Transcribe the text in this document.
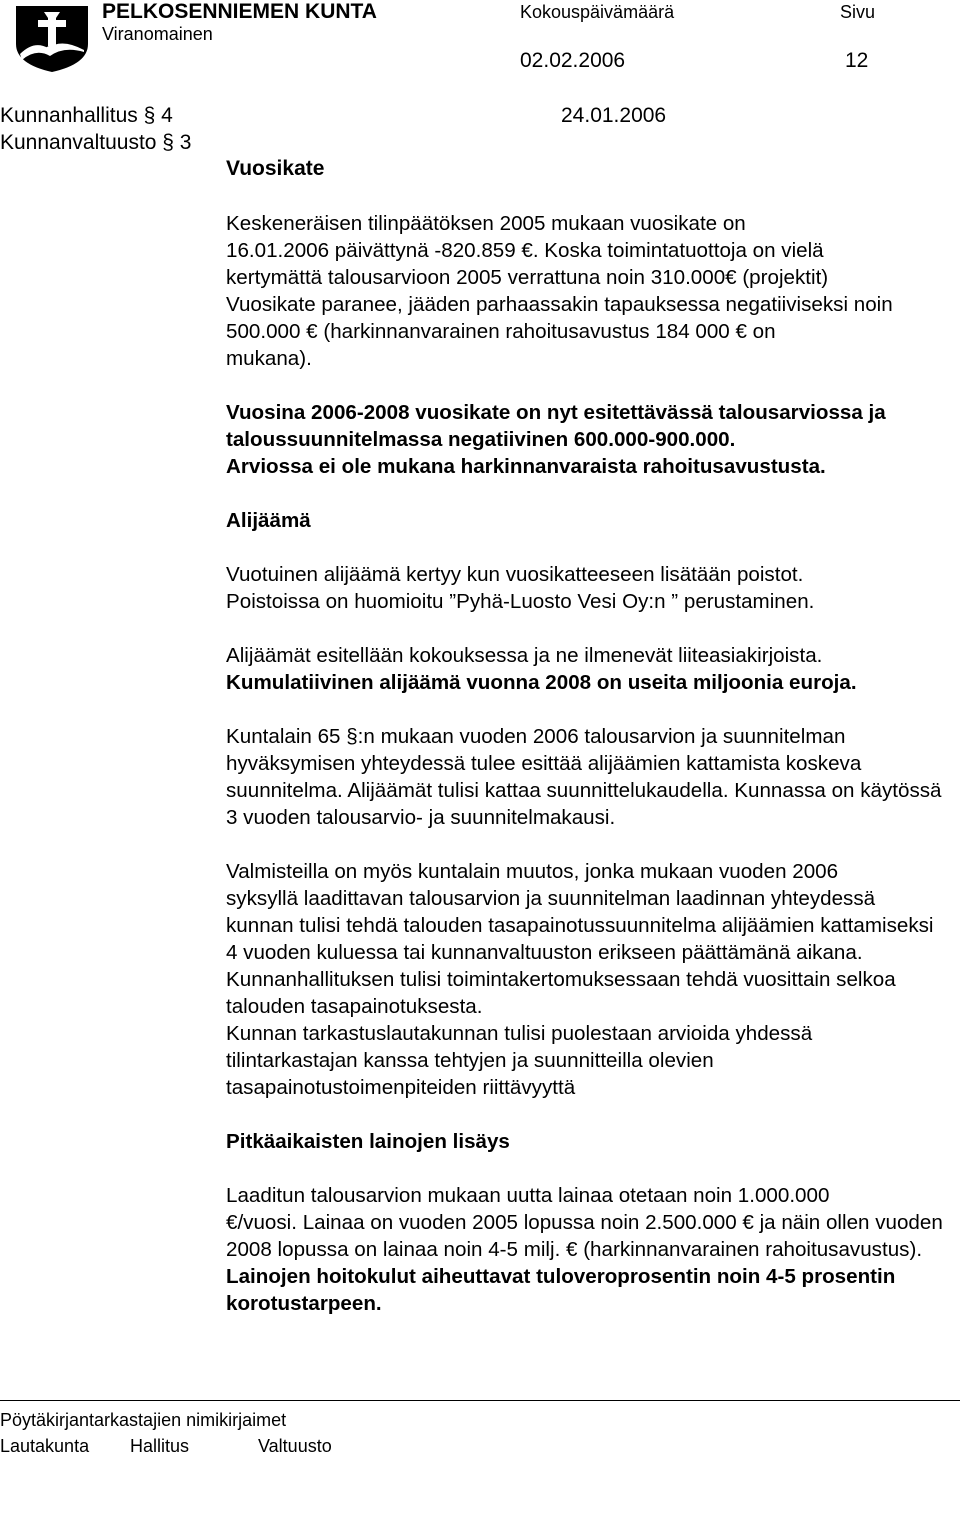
PELKOSENNIEMEN KUNTA
Viranomainen
Kokouspäivämäärä	Sivu
02.02.2006	12
Kunnanhallitus § 4	24.01.2006
Kunnanvaltuusto § 3
Vuosikate

Keskeneräisen tilinpäätöksen 2005 mukaan vuosikate on
16.01.2006 päivättynä -820.859 €. Koska toimintatuottoja on vielä
kertymättä talousarvioon 2005 verrattuna noin 310.000€ (projektit)
Vuosikate paranee, jääden parhaassakin tapauksessa negatiiviseksi noin 500.000 € (harkinnanvarainen rahoitusavustus 184 000 € on
mukana).

Vuosina 2006-2008 vuosikate on nyt esitettävässä talousarviossa ja taloussuunnitelmassa negatiivinen 600.000-900.000.
Arviossa ei ole mukana harkinnanvaraista rahoitusavustusta.

Alijäämä

Vuotuinen alijäämä kertyy kun vuosikatteeseen lisätään poistot.

Poistoissa on huomioitu ”Pyhä-Luosto Vesi Oy:n ” perustaminen.

Alijäämät esitellään kokouksessa ja ne ilmenevät liiteasiakirjoista.

Kumulatiivinen alijäämä vuonna 2008 on useita miljoonia euroja.

Kuntalain 65 §:n mukaan vuoden 2006 talousarvion ja suunnitelman
hyväksymisen yhteydessä tulee esittää alijäämien kattamista koskeva suunnitelma. Alijäämät tulisi kattaa suunnittelukaudella. Kunnassa on käytössä 3 vuoden talousarvio- ja suunnitelmakausi.

Valmisteilla on myös kuntalain muutos, jonka mukaan vuoden 2006
syksyllä laadittavan talousarvion ja suunnitelman laadinnan yhteydessä kunnan tulisi tehdä talouden tasapainotussuunnitelma alijäämien kattamiseksi 4 vuoden kuluessa tai kunnanvaltuuston erikseen päättämänä aikana. Kunnanhallituksen tulisi toimintakertomuksessaan tehdä vuosittain selkoa talouden tasapainotuksesta.
Kunnan tarkastuslautakunnan tulisi puolestaan arvioida yhdessä tilintarkastajan kanssa tehtyjen ja suunnitteilla olevien tasapainotustoimenpiteiden riittävyyttä

Pitkäaikaisten lainojen lisäys

Laaditun talousarvion mukaan uutta lainaa otetaan noin 1.000.000
€/vuosi. Lainaa on vuoden 2005 lopussa noin 2.500.000 € ja näin ollen vuoden 2008 lopussa on lainaa noin 4-5 milj. € (harkinnanvarainen rahoitusavustus). Lainojen hoitokulut aiheuttavat tuloveroprosentin noin 4-5 prosentin korotustarpeen.

Pöytäkirjantarkastajien nimikirjaimet
Lautakunta Hallitus	Valtuusto
